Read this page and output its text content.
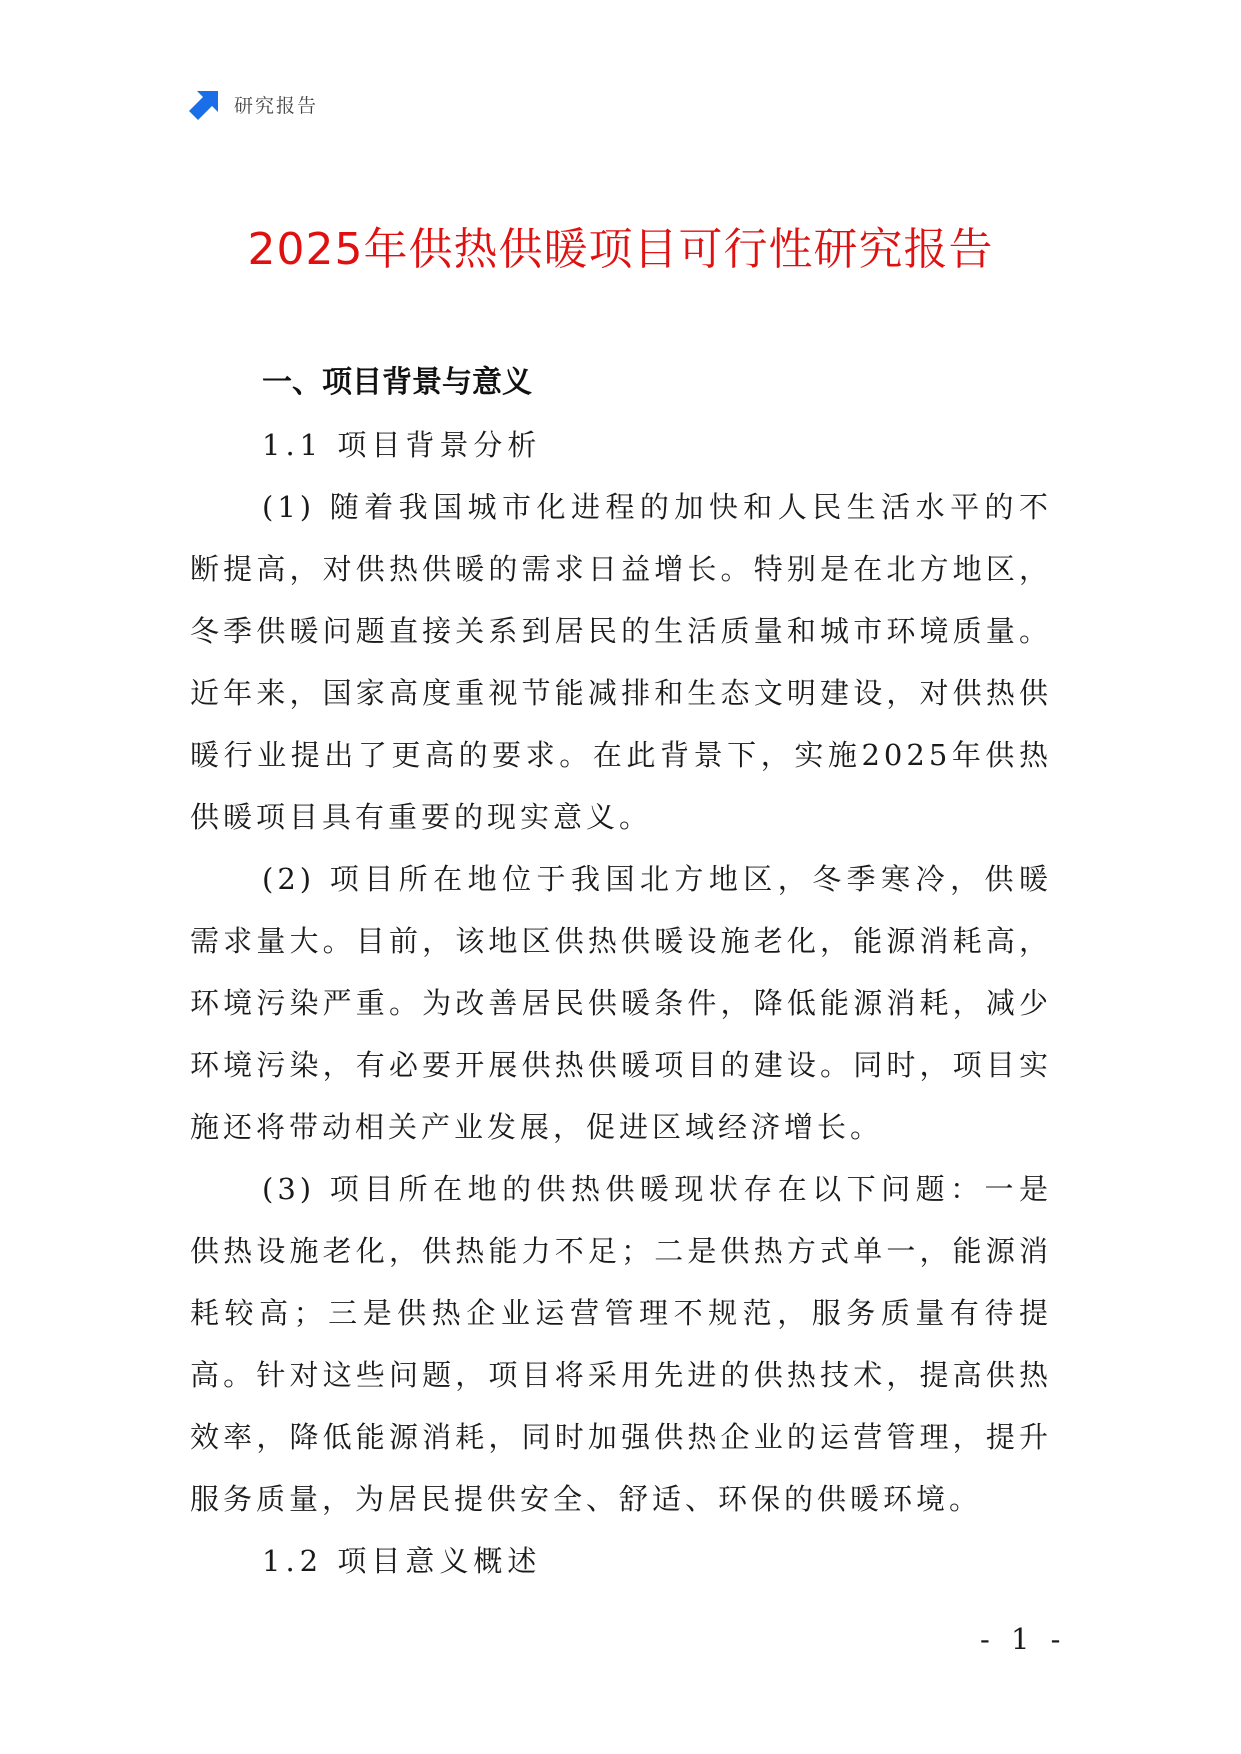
研究报告
2025年供热供暖项目可行性研究报告
一、项目背景与意义
1.1 项目背景分析

(1) 随着我国城市化进程的加快和人民生活水平的不断提高，对供热供暖的需求日益增长。特别是在北方地区，冬季供暖问题直接关系到居民的生活质量和城市环境质量。近年来，国家高度重视节能减排和生态文明建设，对供热供暖行业提出了更高的要求。在此背景下，实施2025年供热供暖项目具有重要的现实意义。

(2) 项目所在地位于我国北方地区，冬季寒冷，供暖需求量大。目前，该地区供热供暖设施老化，能源消耗高，环境污染严重。为改善居民供暖条件，降低能源消耗，减少环境污染，有必要开展供热供暖项目的建设。同时，项目实施还将带动相关产业发展，促进区域经济增长。

(3) 项目所在地的供热供暖现状存在以下问题：一是供热设施老化，供热能力不足；二是供热方式单一，能源消耗较高；三是供热企业运营管理不规范，服务质量有待提高。针对这些问题，项目将采用先进的供热技术，提高供热效率，降低能源消耗，同时加强供热企业的运营管理，提升服务质量，为居民提供安全、舒适、环保的供暖环境。

1.2 项目意义概述
- 1 -
